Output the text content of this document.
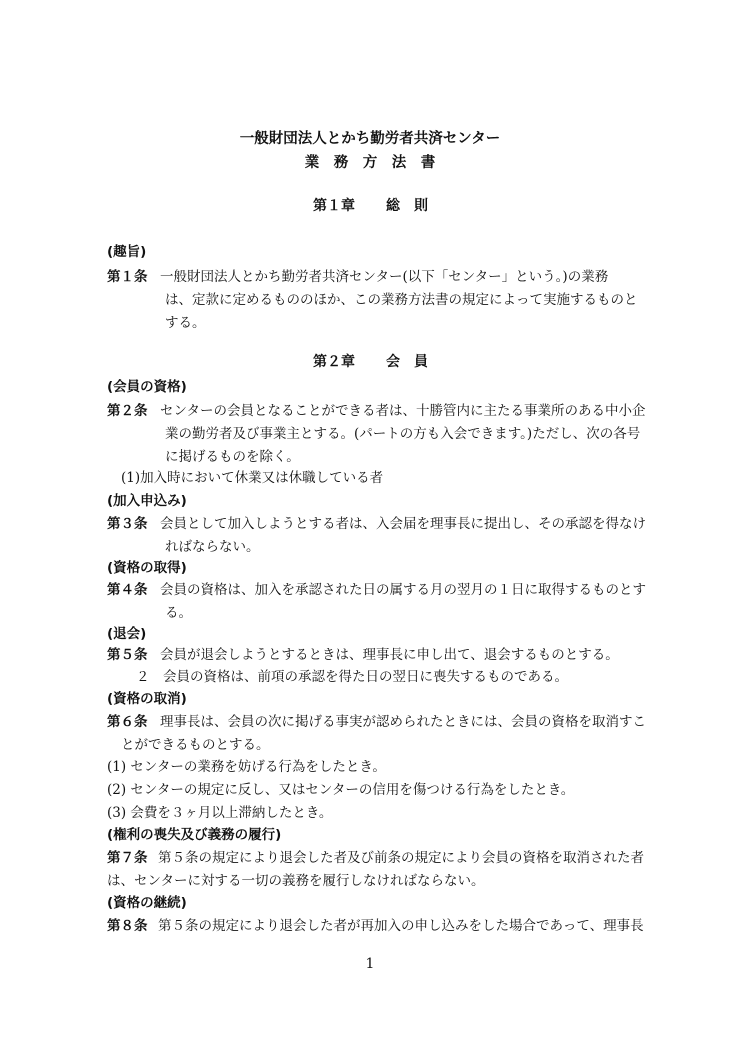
一般財団法人とかち勤労者共済センター
業　務　方　法　書
第１章 総　則
(趣旨)
第１条 一般財団法人とかち勤労者共済センター(以下「センター」という。)の業務
は、定款に定めるもののほか、この業務方法書の規定によって実施するものと
する。
第２章 会　員
(会員の資格)
第２条 センターの会員となることができる者は、十勝管内に主たる事業所のある中小企
業の勤労者及び事業主とする。(パートの方も入会できます。)ただし、次の各号
に掲げるものを除く。
(1)加入時において休業又は休職している者
(加入申込み)
第３条 会員として加入しようとする者は、入会届を理事長に提出し、その承認を得なけ
ればならない。
(資格の取得)
第４条 会員の資格は、加入を承認された日の属する月の翌月の１日に取得するものとす
る。
(退会)
第５条 会員が退会しようとするときは、理事長に申し出て、退会するものとする。
２　会員の資格は、前項の承認を得た日の翌日に喪失するものである。
(資格の取消)
第６条 理事長は、会員の次に掲げる事実が認められたときには、会員の資格を取消すこ
とができるものとする。
(1) センターの業務を妨げる行為をしたとき。
(2) センターの規定に反し、又はセンターの信用を傷つける行為をしたとき。
(3) 会費を３ヶ月以上滞納したとき。
(権利の喪失及び義務の履行)
第７条 第５条の規定により退会した者及び前条の規定により会員の資格を取消された者
は、センターに対する一切の義務を履行しなければならない。
(資格の継続)
第８条 第５条の規定により退会した者が再加入の申し込みをした場合であって、理事長
1
